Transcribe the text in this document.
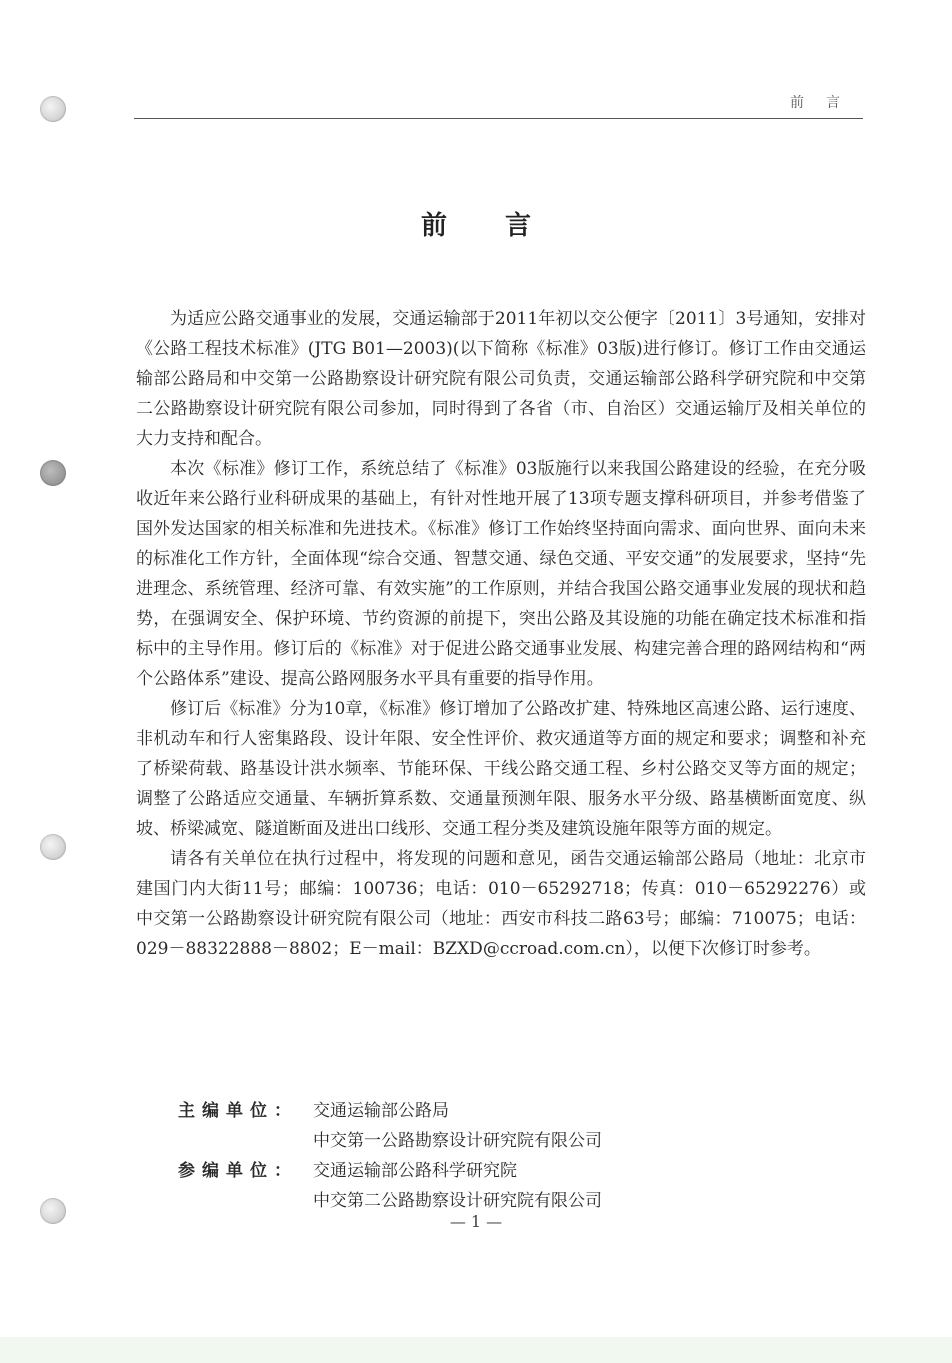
前言
前言

为适应公路交通事业的发展，交通运输部于2011年初以交公便字〔2011〕3号通知，安排对《公路工程技术标准》(JTG B01—2003)(以下简称《标准》03版)进行修订。修订工作由交通运输部公路局和中交第一公路勘察设计研究院有限公司负责，交通运输部公路科学研究院和中交第二公路勘察设计研究院有限公司参加，同时得到了各省（市、自治区）交通运输厅及相关单位的大力支持和配合。

本次《标准》修订工作，系统总结了《标准》03版施行以来我国公路建设的经验，在充分吸收近年来公路行业科研成果的基础上，有针对性地开展了13项专题支撑科研项目，并参考借鉴了国外发达国家的相关标准和先进技术。《标准》修订工作始终坚持面向需求、面向世界、面向未来的标准化工作方针，全面体现“综合交通、智慧交通、绿色交通、平安交通”的发展要求，坚持“先进理念、系统管理、经济可靠、有效实施”的工作原则，并结合我国公路交通事业发展的现状和趋势，在强调安全、保护环境、节约资源的前提下，突出公路及其设施的功能在确定技术标准和指标中的主导作用。修订后的《标准》对于促进公路交通事业发展、构建完善合理的路网结构和“两个公路体系”建设、提高公路网服务水平具有重要的指导作用。

修订后《标准》分为10章，《标准》修订增加了公路改扩建、特殊地区高速公路、运行速度、非机动车和行人密集路段、设计年限、安全性评价、救灾通道等方面的规定和要求；调整和补充了桥梁荷载、路基设计洪水频率、节能环保、干线公路交通工程、乡村公路交叉等方面的规定；调整了公路适应交通量、车辆折算系数、交通量预测年限、服务水平分级、路基横断面宽度、纵坡、桥梁减宽、隧道断面及进出口线形、交通工程分类及建筑设施年限等方面的规定。

请各有关单位在执行过程中，将发现的问题和意见，函告交通运输部公路局（地址：北京市建国门内大街11号；邮编：100736；电话：010－65292718；传真：010－65292276）或中交第一公路勘察设计研究院有限公司（地址：西安市科技二路63号；邮编：710075；电话：029－88322888－8802；E－mail：BZXD@ccroad.com.cn），以便下次修订时参考。

主编单位： 交通运输部公路局
中交第一公路勘察设计研究院有限公司
参编单位： 交通运输部公路科学研究院
中交第二公路勘察设计研究院有限公司
— 1 —
